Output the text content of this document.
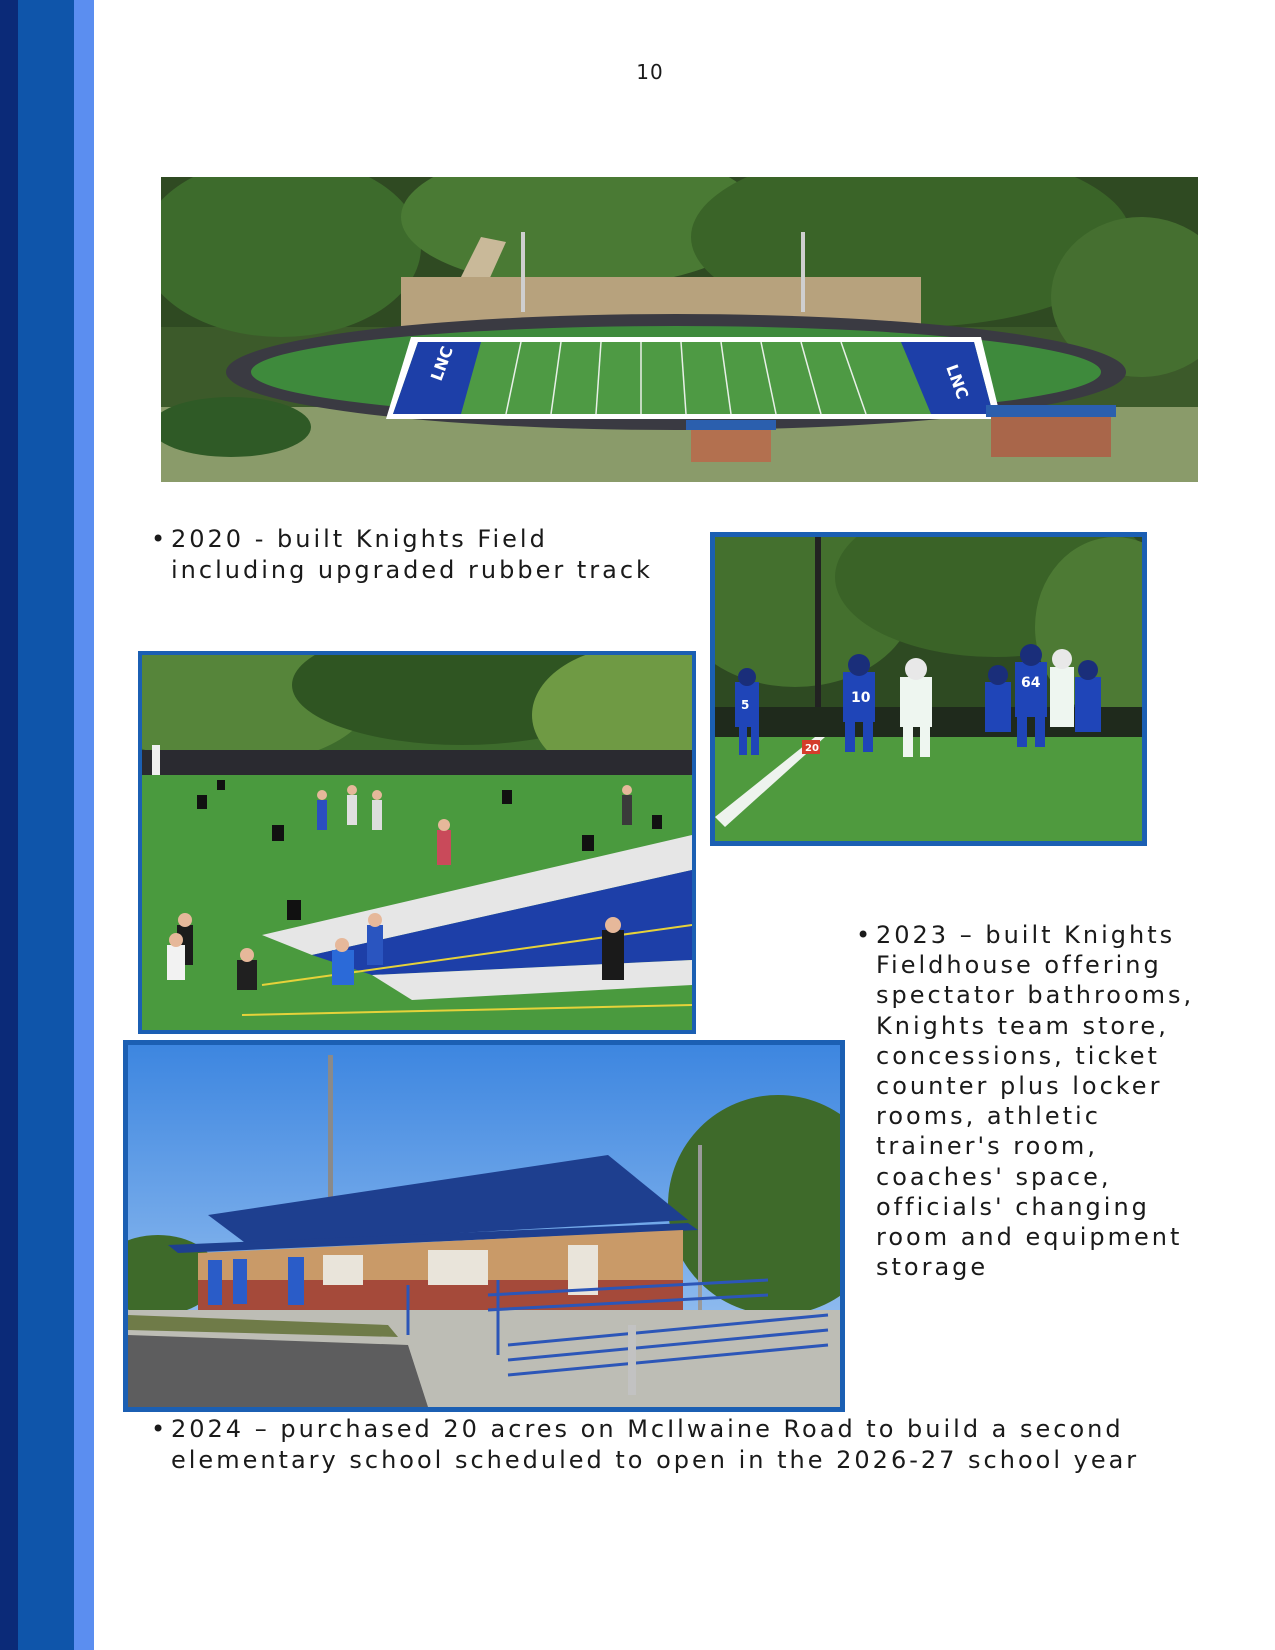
10
LNC	LNC
• 2020 - built Knights Field
including upgraded rubber track
20
10
64
5
• 2023 – built Knights
Fieldhouse offering
spectator bathrooms,
Knights team store,
concessions, ticket
counter plus locker
rooms, athletic
trainer's room,
coaches' space,
officials' changing
room and equipment
storage
• 2024 – purchased 20 acres on McIlwaine Road to build a second
elementary school scheduled to open in the 2026-27 school year
